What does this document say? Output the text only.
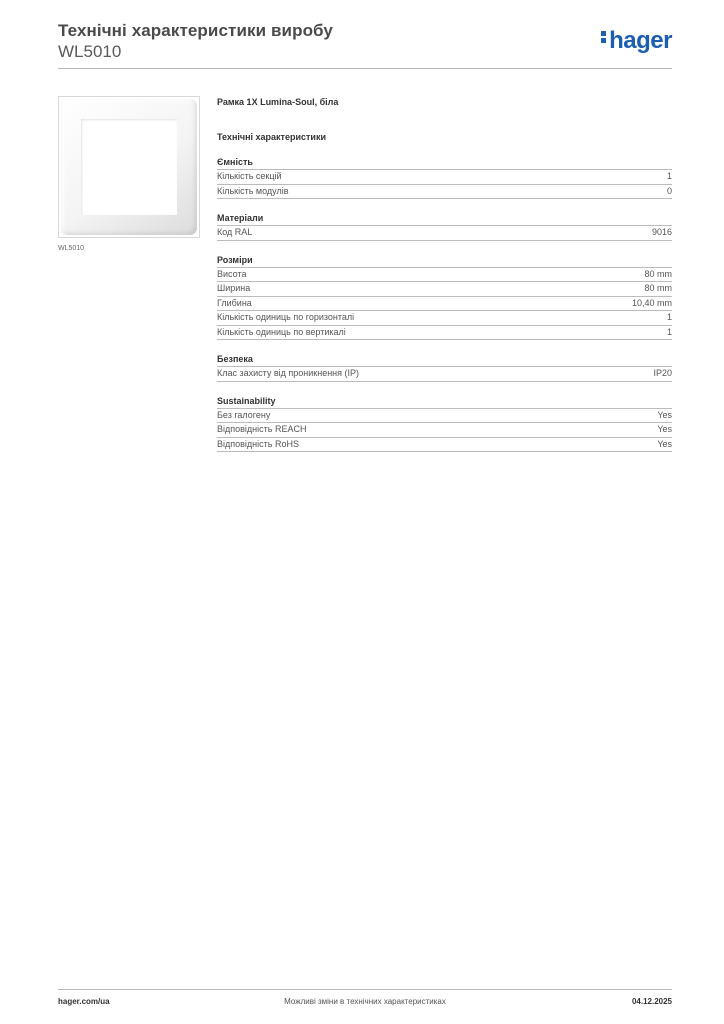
Технічні характеристики виробу
WL5010	hager
WL5010
Рамка 1X Lumina-Soul, біла
Технічні характеристики
Ємність
Кількість секцій	1
Кількість модулів	0
Матеріали
Код RAL	9016
Розміри
Висота	80 mm
Ширина	80 mm
Глибина	10,40 mm
Кількість одиниць по горизонталі	1
Кількість одиниць по вертикалі	1
Безпека
Клас захисту від проникнення (IP)	IP20
Sustainability
Без галогену	Yes
Відповідність REACH	Yes
Відповідність RoHS	Yes
hager.com/ua	Можливі зміни в технічних характеристиках	04.12.2025
